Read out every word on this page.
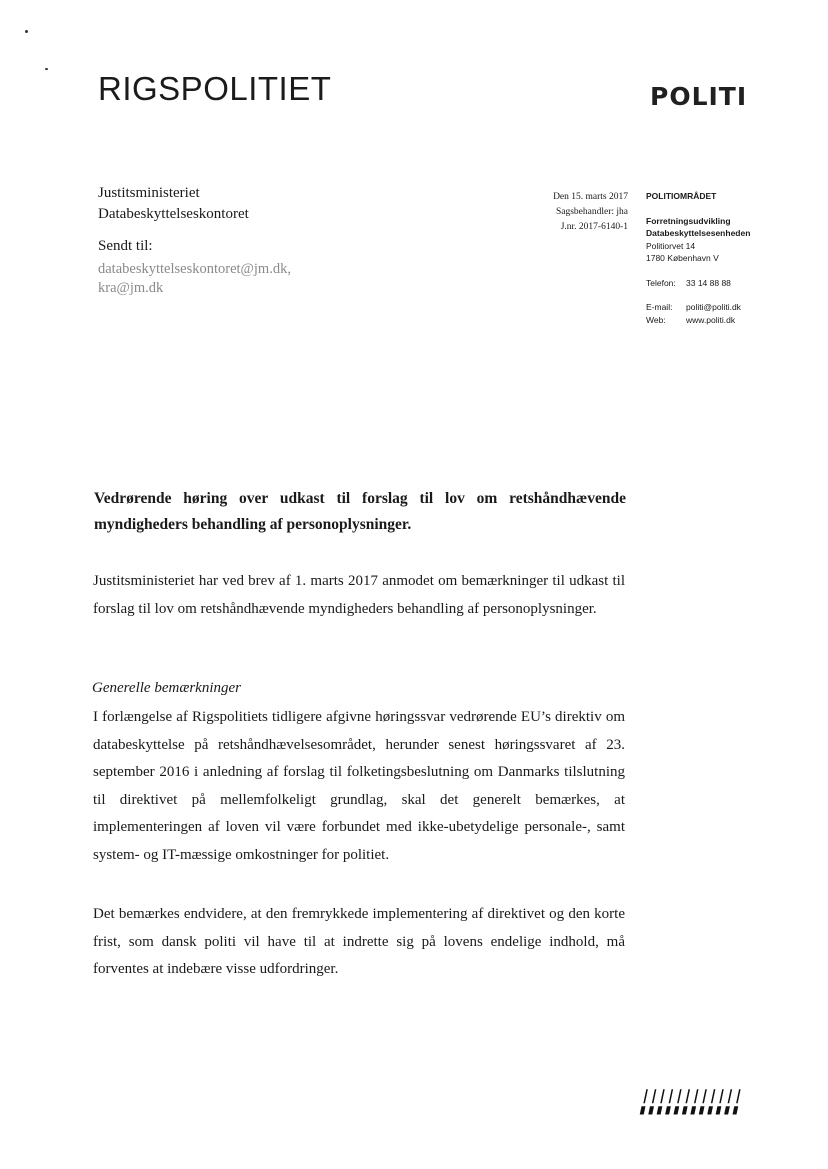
RIGSPOLITIET	POLITI
Justitsministeriet
Databeskyttelseskontoret
Sendt til:
databeskyttelseskontoret@jm.dk,
kra@jm.dk
Den 15. marts 2017
Sagsbehandler: jha
J.nr. 2017-6140-1
POLITIOMRÅDET
Forretningsudvikling
Databeskyttelsesenheden
Politiorvet 14
1780 København V
Telefon:	33 14 88 88
E-mail:	politi@politi.dk
Web:	www.politi.dk
Vedrørende høring over udkast til forslag til lov om retshåndhævende myndigheders behandling af personoplysninger.
Justitsministeriet har ved brev af 1. marts 2017 anmodet om bemærkninger til udkast til forslag til lov om retshåndhævende myndigheders behandling af personoplysninger.
Generelle bemærkninger
I forlængelse af Rigspolitiets tidligere afgivne høringssvar vedrørende EU’s direktiv om databeskyttelse på retshåndhævelsesområdet, herunder senest høringssvaret af 23. september 2016 i anledning af forslag til folketingsbeslutning om Danmarks tilslutning til direktivet på mellemfolkeligt grundlag, skal det generelt bemærkes, at implementeringen af loven vil være forbundet med ikke-ubetydelige personale-, samt system- og IT-mæssige omkostninger for politiet.
Det bemærkes endvidere, at den fremrykkede implementering af direktivet og den korte frist, som dansk politi vil have til at indrette sig på lovens endelige indhold, må forventes at indebære visse udfordringer.
||||||||||||
▮▮▮▮▮▮▮▮▮▮▮▮
